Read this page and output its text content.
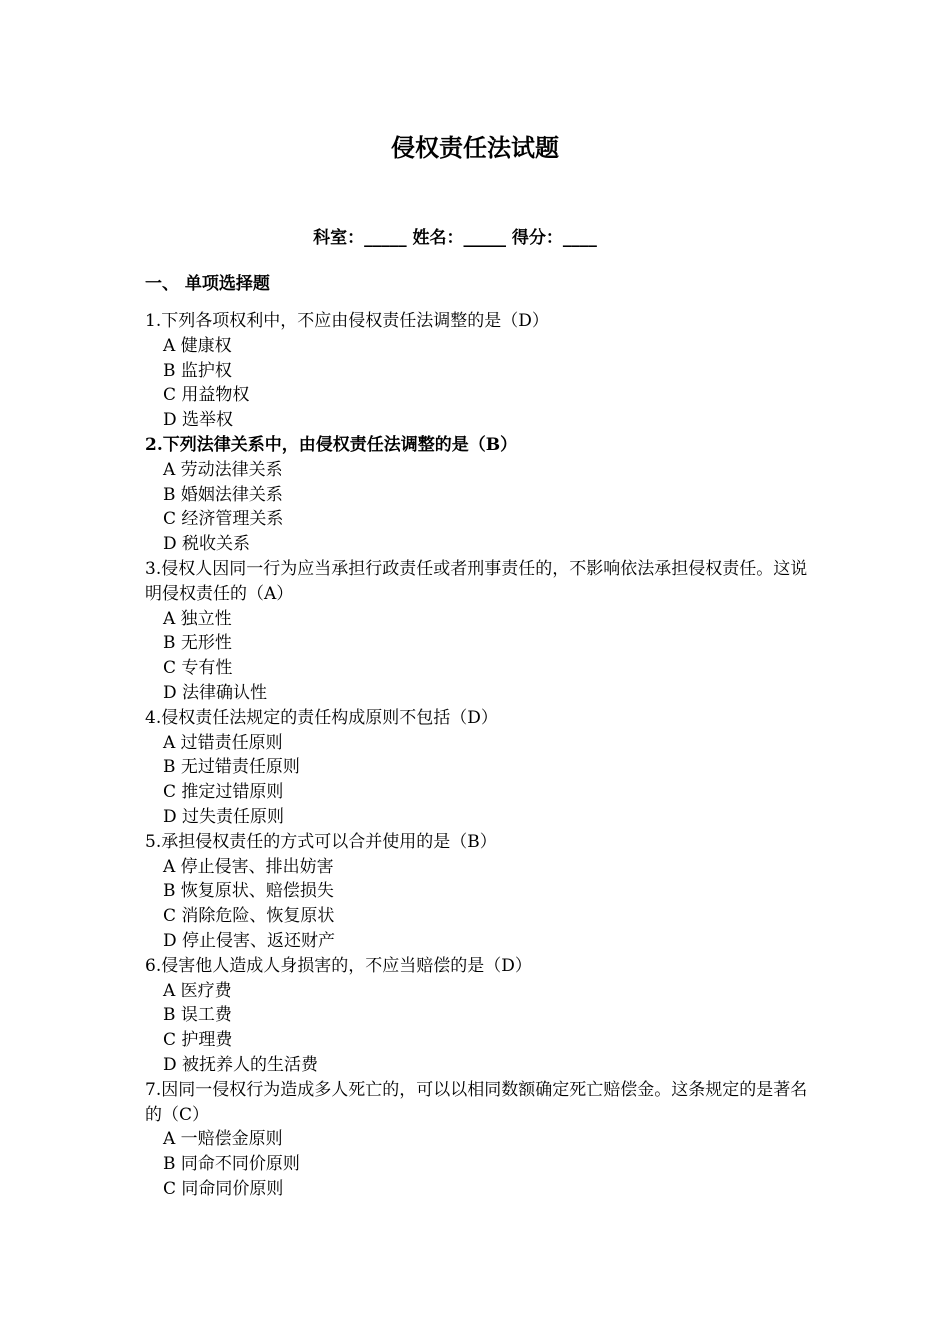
侵权责任法试题
科室：_____ 姓名：_____ 得分：____
一、 单项选择题

1.下列各项权利中，不应由侵权责任法调整的是（D）

A 健康权

B 监护权

C 用益物权

D 选举权

2.下列法律关系中，由侵权责任法调整的是（B）

A 劳动法律关系

B 婚姻法律关系

C 经济管理关系

D 税收关系

3.侵权人因同一行为应当承担行政责任或者刑事责任的，不影响依法承担侵权责任。这说明侵权责任的（A）

A 独立性

B 无形性

C 专有性

D 法律确认性

4.侵权责任法规定的责任构成原则不包括（D）

A 过错责任原则

B 无过错责任原则

C 推定过错原则

D 过失责任原则

5.承担侵权责任的方式可以合并使用的是（B）

A 停止侵害、排出妨害

B 恢复原状、赔偿损失

C 消除危险、恢复原状

D 停止侵害、返还财产

6.侵害他人造成人身损害的，不应当赔偿的是（D）

A 医疗费

B 误工费

C 护理费

D 被抚养人的生活费

7.因同一侵权行为造成多人死亡的，可以以相同数额确定死亡赔偿金。这条规定的是著名的（C）

A 一赔偿金原则

B 同命不同价原则

C 同命同价原则
